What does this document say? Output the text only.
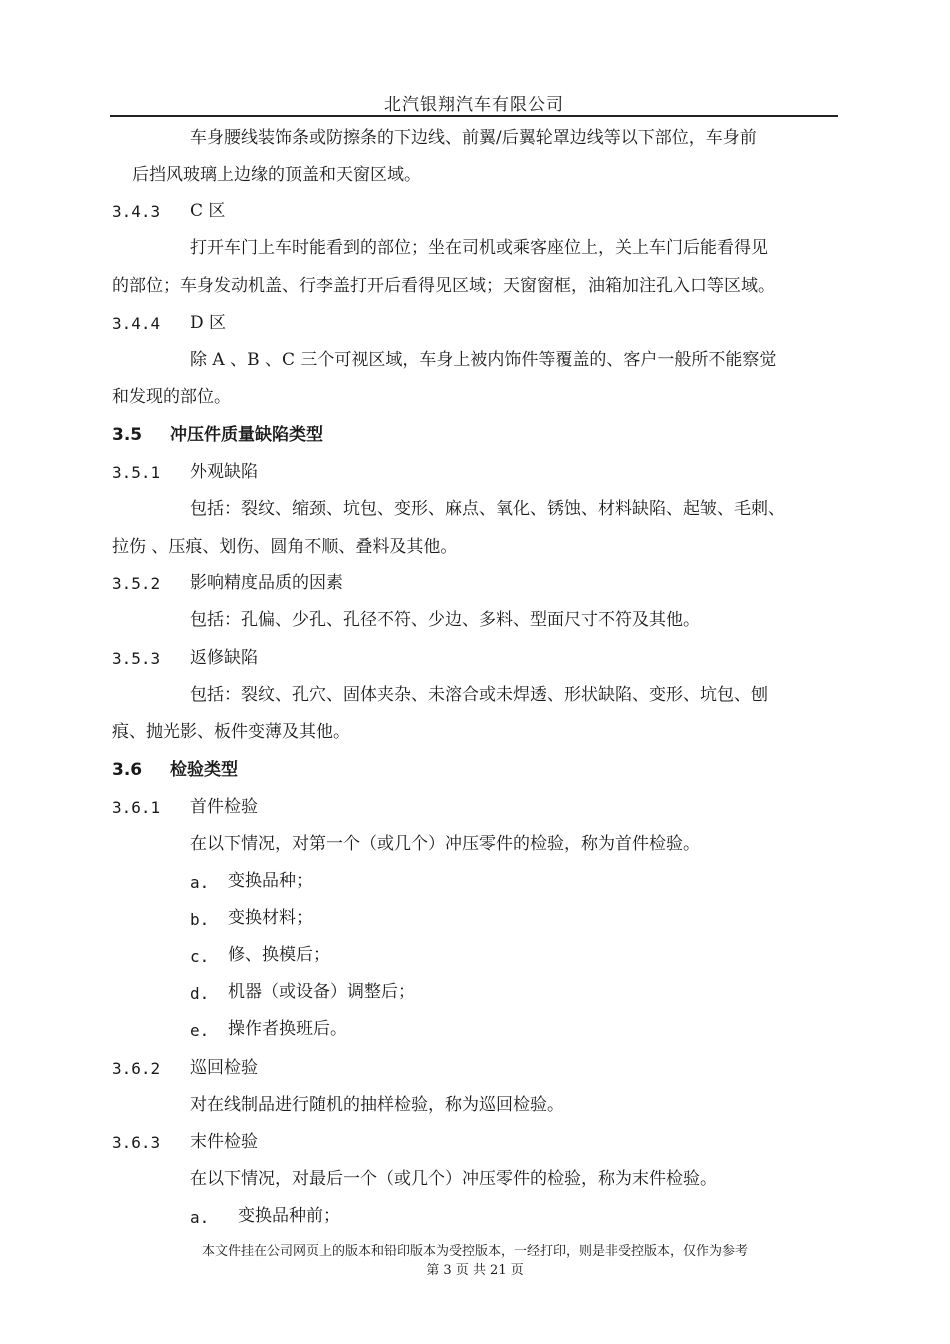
北汽银翔汽车有限公司
车身腰线装饰条或防擦条的下边线、前翼/后翼轮罩边线等以下部位，车身前
后挡风玻璃上边缘的顶盖和天窗区域。
3.4.3 C 区
打开车门上车时能看到的部位；坐在司机或乘客座位上，关上车门后能看得见
的部位；车身发动机盖、行李盖打开后看得见区域；天窗窗框，油箱加注孔入口等区域。
3.4.4 D 区
除 A 、B 、C 三个可视区域，车身上被内饰件等覆盖的、客户一般所不能察觉
和发现的部位。
3.5 冲压件质量缺陷类型
3.5.1 外观缺陷
包括：裂纹、缩颈、坑包、变形、麻点、氧化、锈蚀、材料缺陷、起皱、毛刺、
拉伤 、压痕、划伤、圆角不顺、叠料及其他。
3.5.2 影响精度品质的因素
包括：孔偏、少孔、孔径不符、少边、多料、型面尺寸不符及其他。
3.5.3 返修缺陷
包括：裂纹、孔穴、固体夹杂、未溶合或未焊透、形状缺陷、变形、坑包、刨
痕、抛光影、板件变薄及其他。
3.6 检验类型
3.6.1 首件检验
在以下情况，对第一个（或几个）冲压零件的检验，称为首件检验。
a. 变换品种；
b. 变换材料；
c. 修、换模后；
d. 机器（或设备）调整后；
e. 操作者换班后。
3.6.2 巡回检验
对在线制品进行随机的抽样检验，称为巡回检验。
3.6.3 末件检验
在以下情况，对最后一个（或几个）冲压零件的检验，称为末件检验。
a. 变换品种前；
本文件挂在公司网页上的版本和铅印版本为受控版本，一经打印，则是非受控版本，仅作为参考
第 3 页 共 21 页
